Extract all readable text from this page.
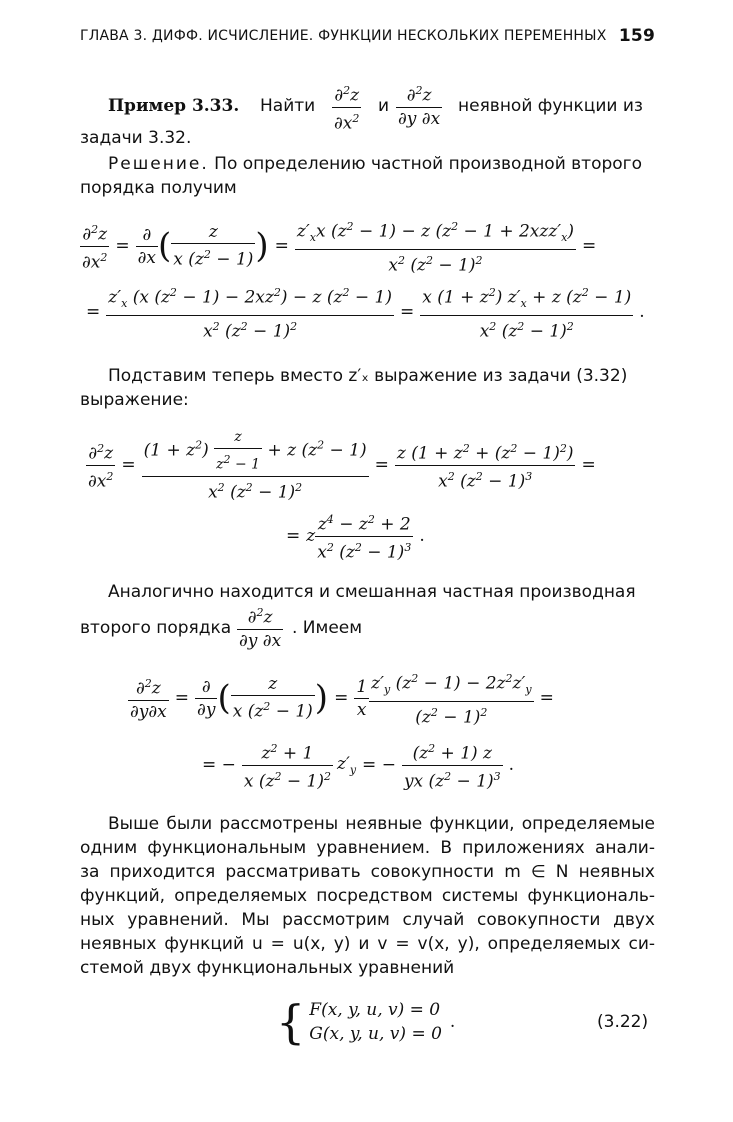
ГЛАВА 3. ДИФФ. ИСЧИСЛЕНИЕ. ФУНКЦИИ НЕСКОЛЬКИХ ПЕРЕМЕННЫХ 159
Пример 3.33. Найти $\frac{\partial^2z}{\partial x^2}$ и $\frac{\partial^2z}{\partial y \partial x}$ неявной функции из
задачи 3.32.
Решение. По определению частной производной второго
порядка получим
$\frac{\partial^2z}{\partial x^2} = \frac{\partial}{\partial x}$ ( $\frac{z}{x (z^2 - 1)}$ ) = $\frac{z'_xx (z^2 - 1) - z (z^2 - 1 + 2xzz'_x)}{x^2 (z^2 - 1)^2}$ =
= $\frac{z'_x (x (z^2 - 1) - 2xz^2) - z (z^2 - 1)}{x^2 (z^2 - 1)^2} = \frac{x (1 + z^2) z'_x + z (z^2 - 1)}{x^2 (z^2 - 1)^2}$ .
Подставим теперь вместо z′ₓ выражение из задачи (3.32)
выражение:
$\frac{\partial^2z}{\partial x^2} = \frac{(1 + z^2) \frac{z}{z^2 - 1} + z (z^2 - 1)}{x^2 (z^2 - 1)^2} = \frac{z (1 + z^2 + (z^2 - 1)^2)}{x^2 (z^2 - 1)^3}$ =
= z $\frac{z^4 - z^2 + 2}{x^2 (z^2 - 1)^3}$ .
Аналогично находится и смешанная частная производная
второго порядка $\frac{\partial^2z}{\partial y \partial x}$ . Имеем
$\frac{\partial^2z}{\partial y\partial x} = \frac{\partial}{\partial y}$ ( $\frac{z}{x (z^2 - 1)}$ ) = $\frac{1}{x} \frac{z'_y (z^2 - 1) - 2z^2z'_y}{(z^2 - 1)^2}$ =
= − $\frac{z^2 + 1}{x (z^2 - 1)^2} z'_y$ = − $\frac{(z^2 + 1) z}{yx (z^2 - 1)^3}$ .
Выше были рассмотрены неявные функции, определяемые
одним функциональным уравнением. В приложениях анали-
за приходится рассматривать совокупности m ∈ N неявных
функций, определяемых посредством системы функциональ-
ных уравнений. Мы рассмотрим случай совокупности двух
неявных функций u = u(x, y) и v = v(x, y), определяемых си-
стемой двух функциональных уравнений
{ F(x, y, u, v) = 0
G(x, y, u, v) = 0
.	(3.22)
